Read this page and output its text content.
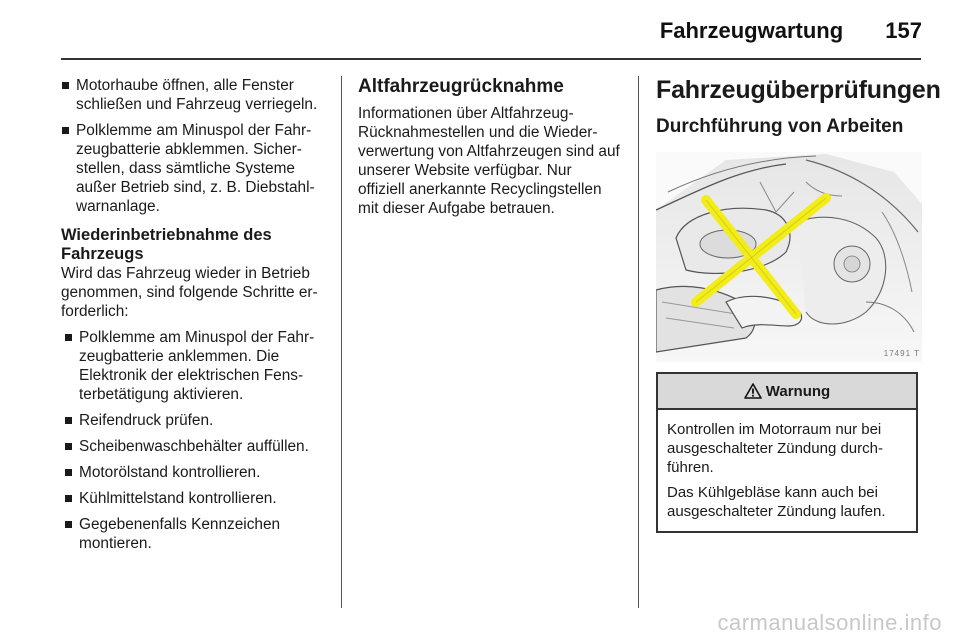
Fahrzeugwartung 157
Motorhaube öffnen, alle Fenster schließen und Fahrzeug verriegeln.
Polklemme am Minuspol der Fahr-zeugbatterie abklemmen. Sicher-stellen, dass sämtliche Systeme außer Betrieb sind, z. B. Diebstahl-warnanlage.
Wiederinbetriebnahme des Fahrzeugs
Wird das Fahrzeug wieder in Betrieb genommen, sind folgende Schritte er-forderlich:
Polklemme am Minuspol der Fahr-zeugbatterie anklemmen. Die Elektronik der elektrischen Fens-terbetätigung aktivieren.
Reifendruck prüfen.
Scheibenwaschbehälter auffüllen.
Motorölstand kontrollieren.
Kühlmittelstand kontrollieren.
Gegebenenfalls Kennzeichen montieren.
Altfahrzeugrücknahme
Informationen über Altfahrzeug-Rücknahmestellen und die Wieder-verwertung von Altfahrzeugen sind auf unserer Website verfügbar. Nur offiziell anerkannte Recyclingstellen mit dieser Aufgabe betrauen.
Fahrzeugüberprüfungen
Durchführung von Arbeiten
17491 T
Warnung

Kontrollen im Motorraum nur bei ausgeschalteter Zündung durch-führen.

Das Kühlgebläse kann auch bei ausgeschalteter Zündung laufen.

carmanualsonline.info
